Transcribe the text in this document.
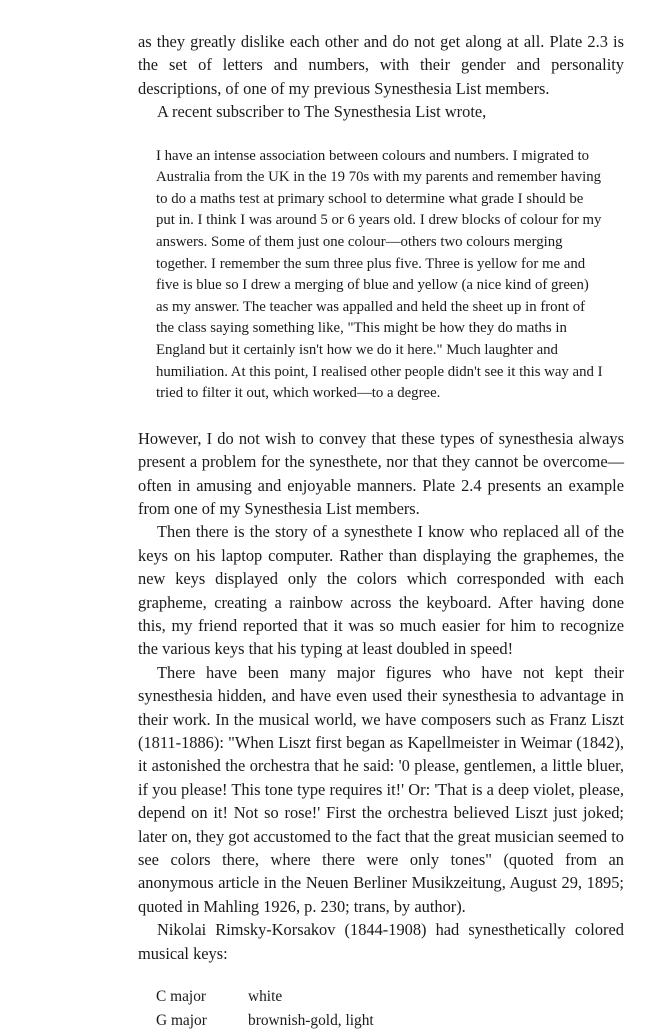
as they greatly dislike each other and do not get along at all. Plate 2.3 is the set of letters and numbers, with their gender and personality descriptions, of one of my previous Synesthesia List members.

A recent subscriber to The Synesthesia List wrote,

I have an intense association between colours and numbers. I migrated to Australia from the UK in the 19 70s with my parents and remember having to do a maths test at primary school to determine what grade I should be put in. I think I was around 5 or 6 years old. I drew blocks of colour for my answers. Some of them just one colour—others two colours merging together. I remember the sum three plus five. Three is yellow for me and five is blue so I drew a merging of blue and yellow (a nice kind of green) as my answer. The teacher was appalled and held the sheet up in front of the class saying something like, "This might be how they do maths in England but it certainly isn't how we do it here." Much laughter and humiliation. At this point, I realised other people didn't see it this way and I tried to filter it out, which worked—to a degree.

However, I do not wish to convey that these types of synesthesia always present a problem for the synesthete, nor that they cannot be overcome—often in amusing and enjoyable manners. Plate 2.4 presents an example from one of my Synesthesia List members.

Then there is the story of a synesthete I know who replaced all of the keys on his laptop computer. Rather than displaying the graphemes, the new keys displayed only the colors which corresponded with each grapheme, creating a rainbow across the keyboard. After having done this, my friend reported that it was so much easier for him to recognize the various keys that his typing at least doubled in speed!

There have been many major figures who have not kept their synesthesia hidden, and have even used their synesthesia to advantage in their work. In the musical world, we have composers such as Franz Liszt (1811-1886): "When Liszt first began as Kapellmeister in Weimar (1842), it astonished the orchestra that he said: '0 please, gentlemen, a little bluer, if you please! This tone type requires it!' Or: 'That is a deep violet, please, depend on it! Not so rose!' First the orchestra believed Liszt just joked; later on, they got accustomed to the fact that the great musician seemed to see colors there, where there were only tones" (quoted from an anonymous article in the Neuen Berliner Musikzeitung, August 29, 1895; quoted in Mahling 1926, p. 230; trans, by author).

Nikolai Rimsky-Korsakov (1844-1908) had synesthetically colored musical keys:

C major	white
G major	brownish-gold, light
